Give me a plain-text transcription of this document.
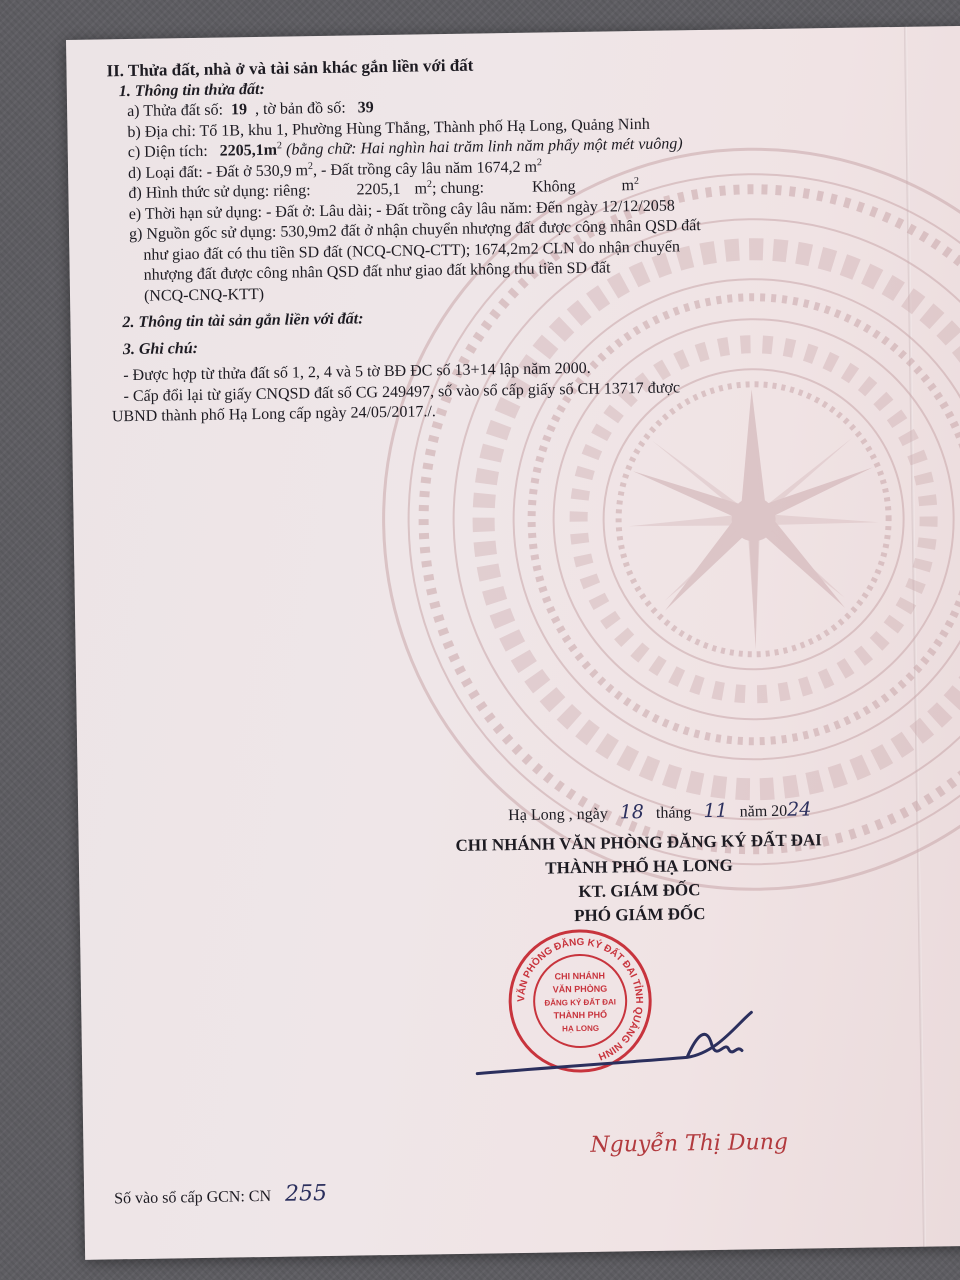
II. Thửa đất, nhà ở và tài sản khác gắn liền với đất
1. Thông tin thửa đất:
a) Thửa đất số: 19 , tờ bản đồ số: 39
b) Địa chỉ: Tổ 1B, khu 1, Phường Hùng Thắng, Thành phố Hạ Long, Quảng Ninh
c) Diện tích: $2205,1m^2$ (bằng chữ: Hai nghìn hai trăm linh năm phẩy một mét vuông)
d) Loại đất: - Đất ở 530,9 $m^2$, - Đất trồng cây lâu năm 1674,2 $m^2$
đ) Hình thức sử dụng: riêng:	2205,1 $m^2$; chung:	Không	$m^2$
e) Thời hạn sử dụng: - Đất ở: Lâu dài; - Đất trồng cây lâu năm: Đến ngày 12/12/2058
g) Nguồn gốc sử dụng: 530,9m2 đất ở nhận chuyển nhượng đất được công nhân QSD đất
như giao đất có thu tiền SD đất (NCQ-CNQ-CTT); 1674,2m2 CLN do nhận chuyển
nhượng đất được công nhân QSD đất như giao đất không thu tiền SD đất
(NCQ-CNQ-KTT)
2. Thông tin tài sản gắn liền với đất:
3. Ghi chú:
- Được hợp từ thửa đất số 1, 2, 4 và 5 tờ BĐ ĐC số 13+14 lập năm 2000.
- Cấp đổi lại từ giấy CNQSD đất số CG 249497, số vào sổ cấp giấy số CH 13717 được
UBND thành phố Hạ Long cấp ngày 24/05/2017./.
Hạ Long , ngày 18 tháng 11 năm 2024
CHI NHÁNH VĂN PHÒNG ĐĂNG KÝ ĐẤT ĐAI
THÀNH PHỐ HẠ LONG
KT. GIÁM ĐỐC
PHÓ GIÁM ĐỐC
VĂN PHÒNG ĐĂNG KÝ ĐẤT ĐAI TỈNH QUẢNG NINH
CHI NHÁNH
VĂN PHÒNG
ĐĂNG KÝ ĐẤT ĐAI
THÀNH PHỐ
HẠ LONG
Nguyễn Thị Dung
Số vào sổ cấp GCN: CN 255
